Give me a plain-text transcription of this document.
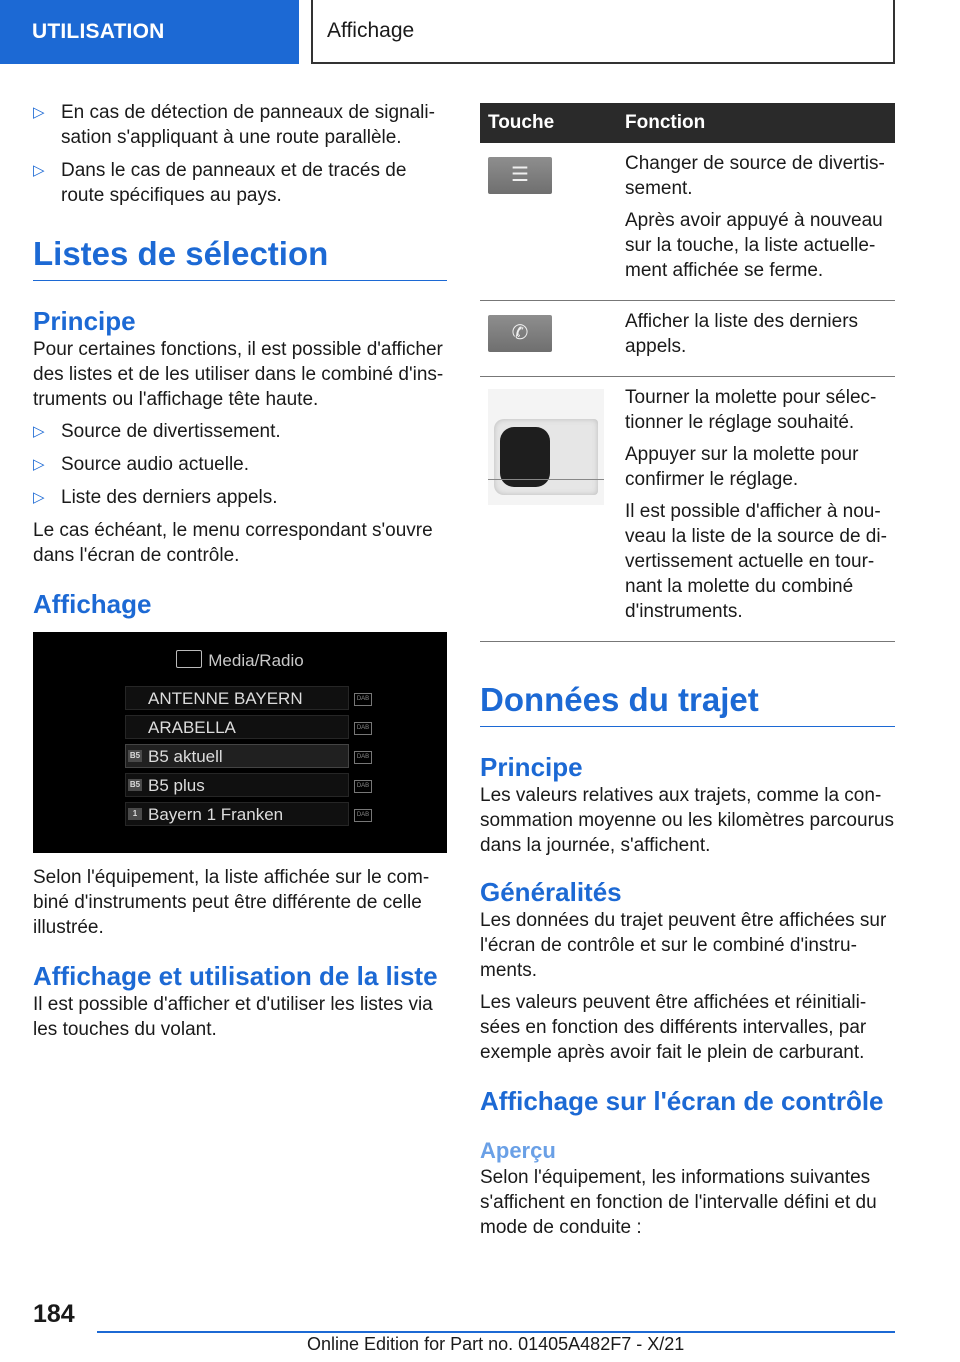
UTILISATION	Affichage
▷ En cas de détection de panneaux de signalisation s'appliquant à une route parallèle.
▷ Dans le cas de panneaux et de tracés de route spécifiques au pays.
Listes de sélection
Principe

Pour certaines fonctions, il est possible d'afficher des listes et de les utiliser dans le combiné d'instruments ou l'affichage tête haute.

▷ Source de divertissement.
▷ Source audio actuelle.
▷ Liste des derniers appels.

Le cas échéant, le menu correspondant s'ouvre dans l'écran de contrôle.

Affichage
Media/Radio
ANTENNE BAYERN	DAB
ARABELLA	DAB
B5 B5 aktuell	DAB
B5 B5 plus	DAB
1 Bayern 1 Franken	DAB

Selon l'équipement, la liste affichée sur le combiné d'instruments peut être différente de celle illustrée.

Affichage et utilisation de la liste

Il est possible d'afficher et d'utiliser les listes via les touches du volant.

Touche	Fonction

☰	Changer de source de divertissement.

Après avoir appuyé à nouveau sur la touche, la liste actuellement affichée se ferme.

✆	Afficher la liste des derniers appels.

	Tourner la molette pour sélectionner le réglage souhaité.

Appuyer sur la molette pour confirmer le réglage.

Il est possible d'afficher à nouveau la liste de la source de divertissement actuelle en tournant la molette du combiné d'instruments.

Données du trajet
Principe

Les valeurs relatives aux trajets, comme la consommation moyenne ou les kilomètres parcourus dans la journée, s'affichent.

Généralités

Les données du trajet peuvent être affichées sur l'écran de contrôle et sur le combiné d'instruments.

Les valeurs peuvent être affichées et réinitialisées en fonction des différents intervalles, par exemple après avoir fait le plein de carburant.

Affichage sur l'écran de contrôle
Aperçu

Selon l'équipement, les informations suivantes s'affichent en fonction de l'intervalle défini et du mode de conduite :

184
Online Edition for Part no. 01405A482F7 - X/21
